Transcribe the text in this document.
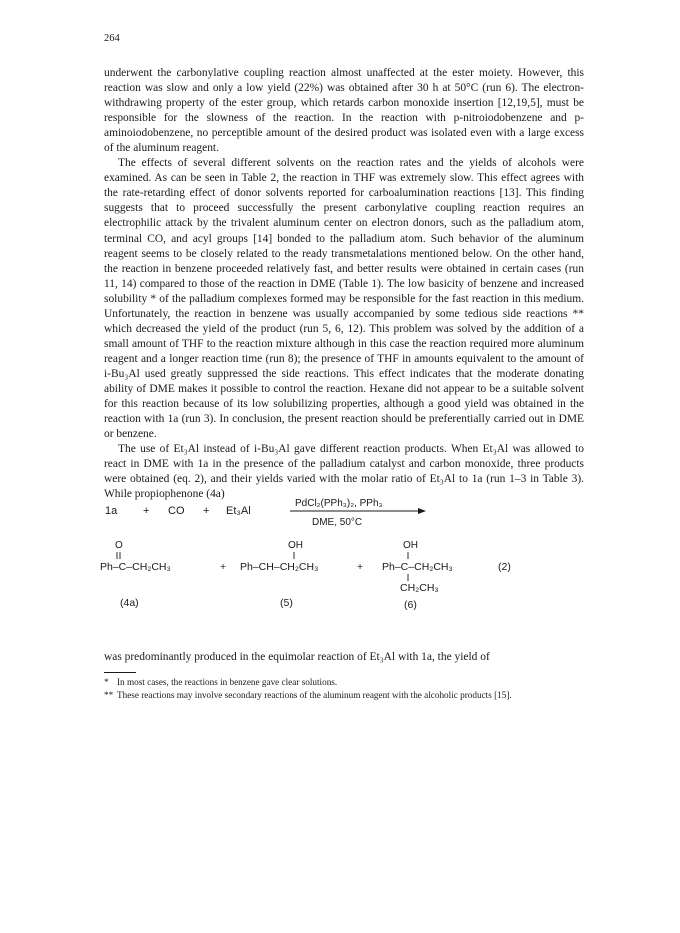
264

underwent the carbonylative coupling reaction almost unaffected at the ester moiety. However, this reaction was slow and only a low yield (22%) was obtained after 30 h at 50°C (run 6). The electron-withdrawing property of the ester group, which retards carbon monoxide insertion [12,19,5], must be responsible for the slowness of the reaction. In the reaction with p-nitroiodobenzene and p-aminoiodobenzene, no perceptible amount of the desired product was isolated even with a large excess of the aluminum reagent.

The effects of several different solvents on the reaction rates and the yields of alcohols were examined. As can be seen in Table 2, the reaction in THF was extremely slow. This effect agrees with the rate-retarding effect of donor solvents reported for carboalumination reactions [13]. This finding suggests that to proceed successfully the present carbonylative coupling reaction requires an electrophilic attack by the trivalent aluminum center on electron donors, such as the palladium atom, terminal CO, and acyl groups [14] bonded to the palladium atom. Such behavior of the aluminum reagent seems to be closely related to the ready transmetalations mentioned below. On the other hand, the reaction in benzene proceeded relatively fast, and better results were obtained in certain cases (run 11, 14) compared to those of the reaction in DME (Table 1). The low basicity of benzene and increased solubility * of the palladium complexes formed may be responsible for the fast reaction in this medium. Unfortunately, the reaction in benzene was usually accompanied by some tedious side reactions ** which decreased the yield of the product (run 5, 6, 12). This problem was solved by the addition of a small amount of THF to the reaction mixture although in this case the reaction required more aluminum reagent and a longer reaction time (run 8); the presence of THF in amounts equivalent to the amount of i-Bu₃Al used greatly suppressed the side reactions. This effect indicates that the moderate donating ability of DME makes it possible to control the reaction. Hexane did not appear to be a suitable solvent for this reaction because of its low solubilizing properties, although a good yield was obtained in the reaction with 1a (run 3). In conclusion, the present reaction should be preferentially carried out in DME or benzene.

The use of Et₃Al instead of i-Bu₃Al gave different reaction products. When Et₃Al was allowed to react in DME with 1a in the presence of the palladium catalyst and carbon monoxide, three products were obtained (eq. 2), and their yields varied with the molar ratio of Et₃Al to 1a (run 1–3 in Table 3). While propiophenone (4a)

1a + CO + Et₃Al
PdCl₂(PPh₃)₂, PPh₃
DME, 50°C
O
Ph–C–CH₂CH₃	+
(4a)
OH
Ph–CH–CH₂CH₃	+
(5)
OH
Ph–C–CH₂CH₃
CH₂CH₃
(6)
(2)
was predominantly produced in the equimolar reaction of Et₃Al with 1a, the yield of

* In most cases, the reactions in benzene gave clear solutions.

** These reactions may involve secondary reactions of the aluminum reagent with the alcoholic products [15].
